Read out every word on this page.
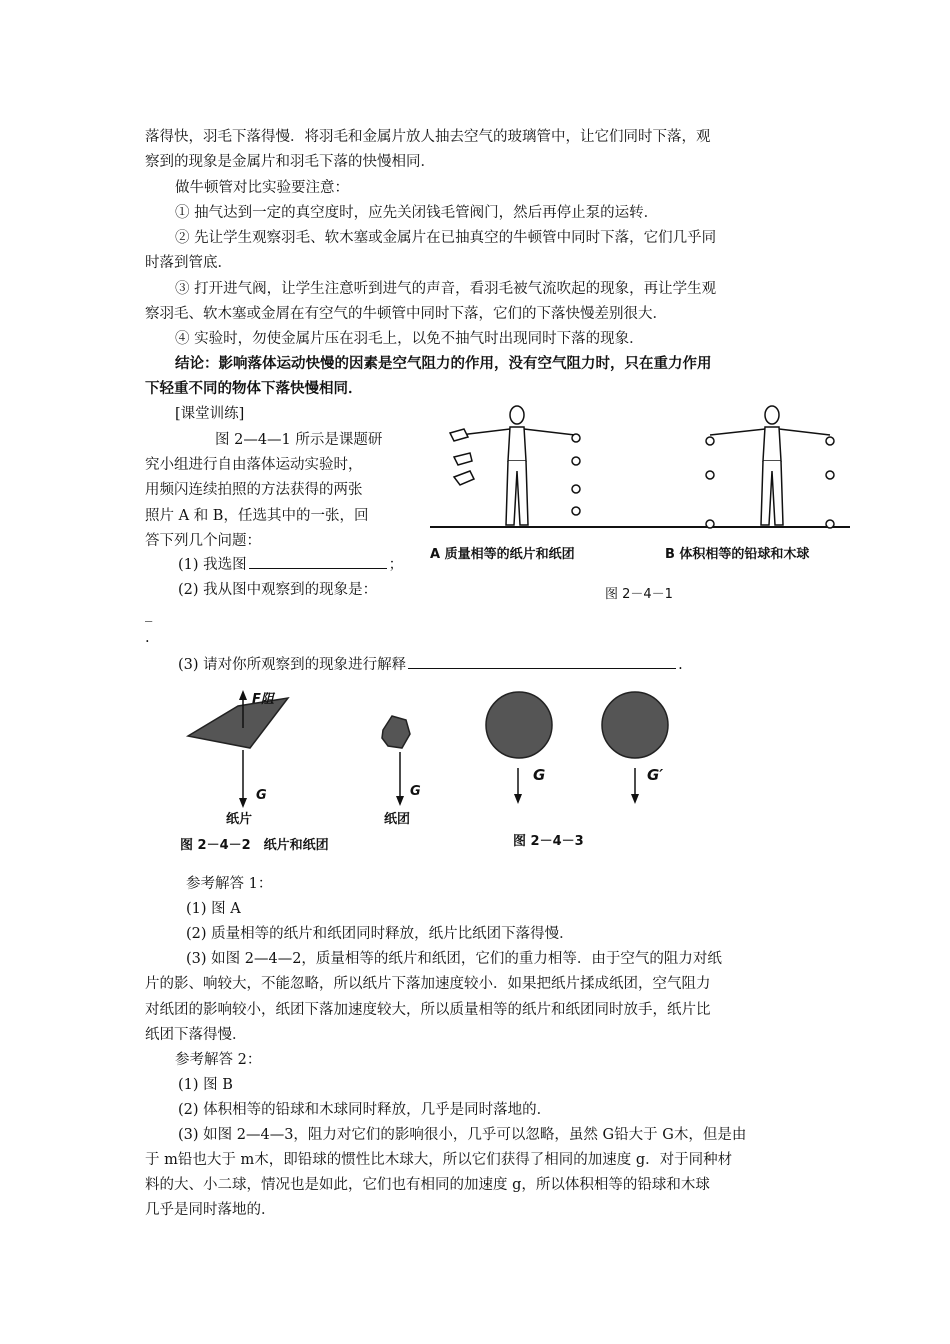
落得快，羽毛下落得慢．将羽毛和金属片放人抽去空气的玻璃管中，让它们同时下落，观
察到的现象是金属片和羽毛下落的快慢相同．
做牛顿管对比实验要注意：
① 抽气达到一定的真空度时，应先关闭钱毛管阀门，然后再停止泵的运转．
② 先让学生观察羽毛、软木塞或金属片在已抽真空的牛顿管中同时下落，它们几乎同
时落到管底．
③ 打开进气阀，让学生注意听到进气的声音，看羽毛被气流吹起的现象，再让学生观
察羽毛、软木塞或金屑在有空气的牛顿管中同时下落，它们的下落快慢差别很大．
④ 实验时，勿使金属片压在羽毛上，以免不抽气时出现同时下落的现象．
结论：影响落体运动快慢的因素是空气阻力的作用，没有空气阻力时，只在重力作用
下轻重不同的物体下落快慢相同．
[课堂训练]
图 2—4—1 所示是课题研
究小组进行自由落体运动实验时，
用频闪连续拍照的方法获得的两张
照片 A 和 B，任选其中的一张，回
答下列几个问题：
(1) 我选图	；
(2) 我从图中观察到的现象是：
_
.
(3) 请对你所观察到的现象进行解释	.
A 质量相等的纸片和纸团	B 体积相等的铅球和木球
图 2－4－1
F阻
G	G
纸片	纸团
图 2－4－2　纸片和纸团
G	G′
图 2－4－3
参考解答 1：
(1) 图 A
(2) 质量相等的纸片和纸团同时释放，纸片比纸团下落得慢．
(3) 如图 2—4—2，质量相等的纸片和纸团，它们的重力相等．由于空气的阻力对纸
片的影、响较大，不能忽略，所以纸片下落加速度较小．如果把纸片揉成纸团，空气阻力
对纸团的影响较小，纸团下落加速度较大，所以质量相等的纸片和纸团同时放手，纸片比
纸团下落得慢．
参考解答 2：
(1) 图 B
(2) 体积相等的铅球和木球同时释放，几乎是同时落地的．
(3) 如图 2—4—3，阻力对它们的影响很小，几乎可以忽略，虽然 G铅大于 G木，但是由
于 m铅也大于 m木，即铅球的惯性比木球大，所以它们获得了相同的加速度 g．对于同种材
料的大、小二球，情况也是如此，它们也有相同的加速度 g，所以体积相等的铅球和木球
几乎是同时落地的．
